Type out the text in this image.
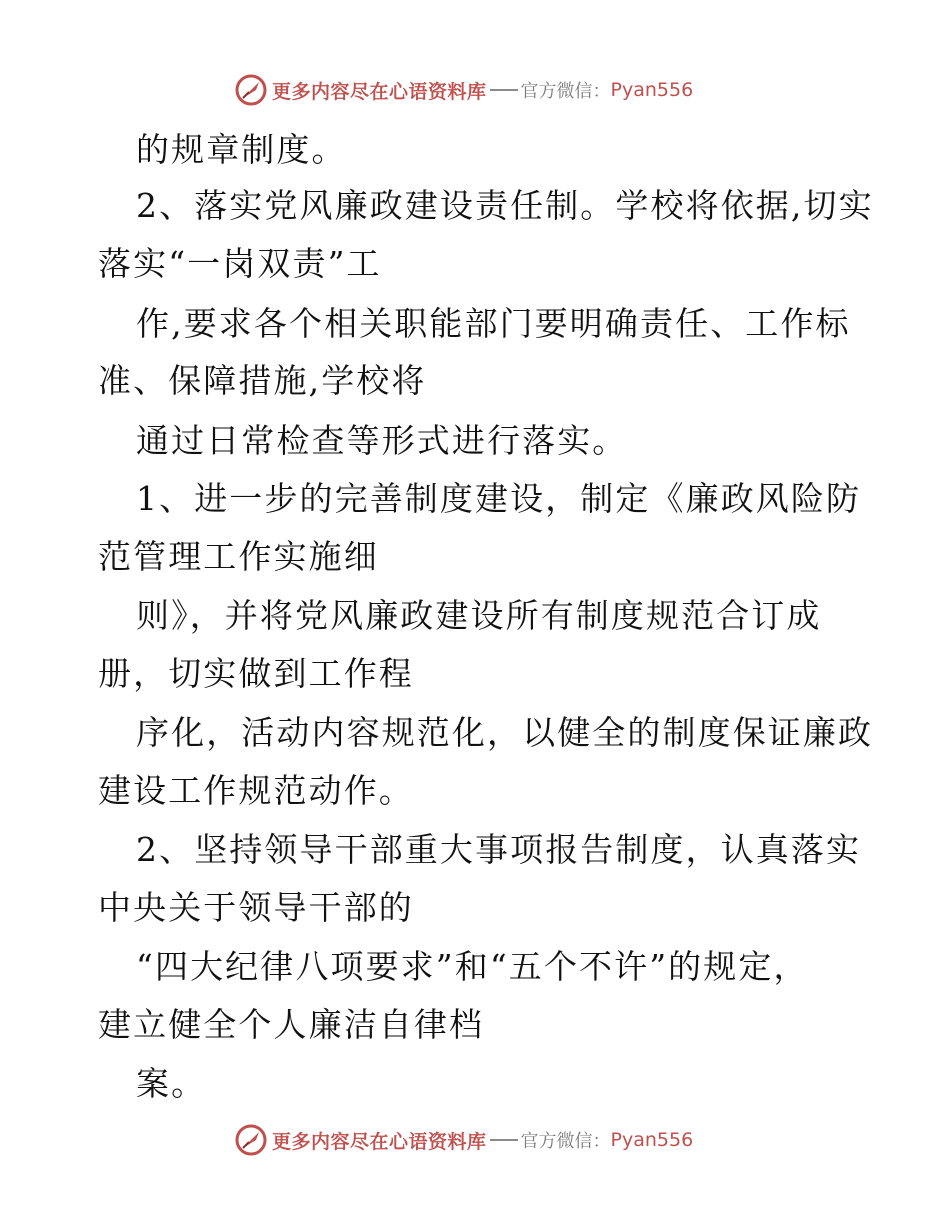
更多内容尽在心语资料库 官方微信： Pyan556
的规章制度。
2、落实党风廉政建设责任制。学校将依据,切实
落实“一岗双责”工
作,要求各个相关职能部门要明确责任、工作标
准、保障措施,学校将
通过日常检查等形式进行落实。
1、进一步的完善制度建设，制定《廉政风险防
范管理工作实施细
则》，并将党风廉政建设所有制度规范合订成
册，切实做到工作程
序化，活动内容规范化，以健全的制度保证廉政
建设工作规范动作。
2、坚持领导干部重大事项报告制度，认真落实
中央关于领导干部的
“四大纪律八项要求”和“五个不许”的规定，
建立健全个人廉洁自律档
案。
更多内容尽在心语资料库 官方微信： Pyan556
